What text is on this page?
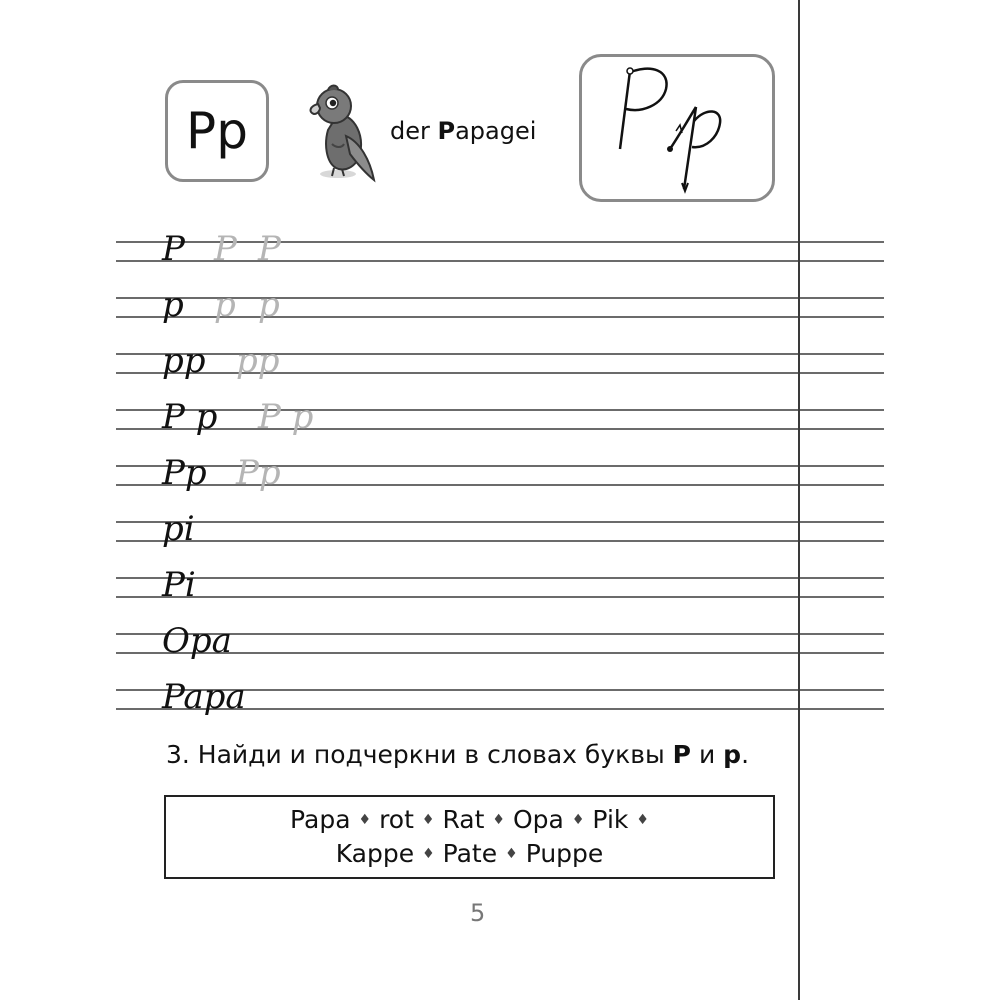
Pp	der Papagei
P P P
p p p
pp pp
P p P p
Pp Pp
pi
Pi
Opa
Papa
3. Найди и подчеркни в словах буквы P и p.
Papa ♦ rot ♦ Rat ♦ Opa ♦ Pik ♦
Kappe ♦ Pate ♦ Puppe
5
